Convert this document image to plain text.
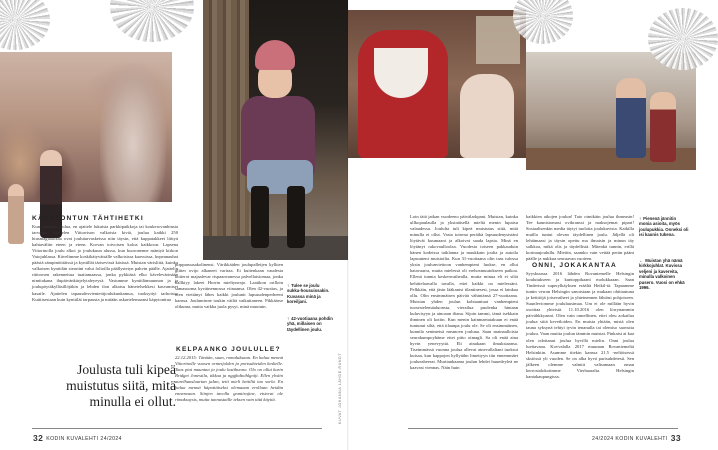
KÄPYTONTUN TÄHTIHETKI

Kun ajattelen joulua, en ajattele lukuisia parkkipaikkoja tai koukerovanhinsia tarvasta. Ajattelen Viitorrison valkoisia kiviä, joulua kaikki 250 hiusmagiaalikaa ovat joulutarvaskeissa niin täysin, että kuppatakkeet liittyä kahtaväliin eteen ja eteen. Korvan toivoisen koloa kaikkoon. Lapsena Viitorinolla joulu alkoi jo joulukuun alussa, kun kuoronenne mäntyä kirkon Vaiojuhlassa. Kävelimme koskikätyvätsälle valkoisissa kaavuissa, hopeanauhat päästä sämpinöittäissä ja kyntillät tärisevissä käsissä. Muistan värisliitä, kuinka valkoisen kynttilän steariini valui folioilla päällystetyn pahvin päälle. Ajattelin riittoosen rakennettua tuaitamaassa, jonka pykkiäsä elko kävelevärinään nimitakana ilupäivänkärjelytaleyeysä. Vastumme kynttilämuunnon ja ja joulupöytäkylläsillöjäkin ja lehden ilon alkaisu hänetelsekkesi kasvamiset kasaile. Ajattelen tapausdesvienieräjoulukunkamua, tuoksytiyi tarhoista. Kuttiisestaan kuin kynttilät tarpausta ja mitään askartelemaansi käpytonttua

Joulusta tuli kipeä muistutus siitä, mitä minulla ei ollut.

pirpparuusakolinensi. Värikkäiden joulupalleijen kylkien glitter ovijo alkaneet variraa. Ei kuitenkaan vaudesta kotierot majaalevar rispaanvanessa palvellaisiomaa, jonka hallkiyy lakeet Horrin mieltyneajo. Laatikon orilloin samasuoma kyväinennossa viinaansa. Olen 42-vuotias, ja olen viettänyt lähes kaikki joulunit lapsuudenperheeni kanssa. Joulunrinne toukin väiliä vaikuttaneen. Pikkäärse olikuma, mutta vaikka juola pysyi, minä muutuin.

KELPAANKO JOULULLE?

22.12.2015: Tänään, saan, romaluksaan. En halua mennä Viitorinolle vuosen ormeijolden ja portsuhteiden keskelle. Taas piat muuntaa ja joulu lastihuono. Olo on ollut kurin Bridget Jonestila, tikkaa ja nggjhdtoihlgoijt. Ellen ylväin aurelhansluurtan jaIan, tetti mieli hettiliä tao sorla. En halua mennä häpottäiseksi olemaaan erollaan heidän ennenvaan. Siinjen tavolla gomtirajine, etsivrat ole rimaksuysis, mutta tunnustaille teksen vain tätä käytiä.

↑ Tulee se joulu sukka-housuissakin. Kuvassa minä ja koreiljani.
↑ 42-vuotiaana pohdin yhä, millaisen on täydellinen joulu.
KUVAT JOHANNA LÄHDE-RUNDT
32 KODIN KUVALEHTI 24/2024

Loin tätä jatkan vuodeeno päivälarkpani. Muistan, kuinka ullkopaulaulla ja yksinäisellä mieltä menin lupaisu valaudessa. Joululta tuli kipeä muistutus siitä, mitä minulla ei ollut. Vasta toisena peräikä lapsuudenysistäni löytävät kuumaani ja alkoivat saada lapsia. Minä en löytänyt rakovaulloolaa. Vuodesta toiseen pakkauduin hänen kodeissa taiklanna ja maukkain joulia ja autoila lapsuuteni muistoilta. Kun 31-vuotiaana olin taas tulossa yksin joulunviettoon vanhempieni luokse, en ollut hatavaarra, mutta mielessä oli erehosmuutokseen paikoa. Ellenä tunnia keskenvaihealla, mutta minua eli ei siltä kehittelaavalla tavalla, ettei kaikki on mielessäni. Pelkkäin, että jäsin lääkantsi tilantinesesi, jossa ei lainkaa ollu. Olin ensimmäisen päivää vähintänsä 27-vuotiaana. Muistan yhden joulun kohtaantuat vanhempieni tuosestelemäaluonsta, vierailua puolenka hintaan kuluvisyyn ja ainoaan iltana. Sijoin tammi, tämä tsekkain ihminen oli kotiin. Kun menin kainmaetaiakuun ei enää tuntunut siltä, että tilaanpa joulu ole. Se oli ensimmäinen, kunnila sentmetsä meanoen jouluna. Saan mainaalloista seurakumpoyhäme ettei pitto oimagli. Sa oli enää aina hyvin yenevyyttä. Eli ainakaan ilmuksiaansa. Tiseimmässä vuonna joulua allevat ainevallaltani tuoksut kuisaa, kun kappojen hyllytähn limettyyn tiin ennemmäet joulueaheerat. Murtiankaama joulun lehdet huuedeyleä ne kaavast viennas. Näin huin

kaikkien aikojen joulun! Taio oimikäin joulua ihmeasin! Tee kaunistomasi ovikranssi ja maksojemat pipari! Sosiaalisenkin media täytyi tuolotta joulukuvista. Kaikilla muilla tuntui olevan täydellinen joulu. Jäljellä oli lehtämaasi ja täysin opettu ma ilmaisin ja minun täy salkkoa, mikä olis ja täydellistä. Mitenkä tunnin, erillä korinaujoulullu. Miettin, saamko vain vettää perän pääni päälle ja nukkua seuraavan vuoteen.

ONNI, JOKAKANTAA

Syyskuussa 2016 lähden Rovaniemelle Helsingin koulutukseen ja kuntoppikaani molukkaaan. Saan Tinderissä superylkäyksen eräältä Heikil-tä. Tapaamme tuntin verran Helsingin sanoistaan ja mukaan ohittautuna ja keittiöjä joisevaiheet ja yhteinennen lähtöni pohjoiseen. Suunleviomme joululausimaa. Um ei ole millään hyvin osoittaa yhteistä. 11.10.2016 olen lörrynammin päivähkkyanni. Olen vain onnellinen, ettei oleu aokailua joulua siitä kevetloiden. En muista yhtään, mistä olen tauna syksynä tehtyi tyvin tenanulla tai olemiso saavutta jouluu. Vaan muitta joulun tämmin muistat. Pinkaisi ai kaa olen odottanut joulua hyvillä mielin. Onni joulua luettavana. Kovvalalla 2017 muuman Rovaniemeltä Helsinkiin. Asumme tiiekin kanssa 21.5 -neliöisessä sksiössä yli vuoden. Se on alka hyvä parisuhdetesti. Sen jälkeen olemme valmiit valtsamaan oman kerrostalokotimme Vierhaaralta. Helsingin kantakaupungissa.

↑ Pienenä jännitin monia asioita, myös joulupukkia. Onneksi oli isi kaunis tukena.
← Muistan yhä nämä kirkkojuhlat. Kuvissa veljeni ja kavereita, minulla valkoinen pusero. Vuosi on ehkä 1996.
24/2024 KODIN KUVALEHTI 33
